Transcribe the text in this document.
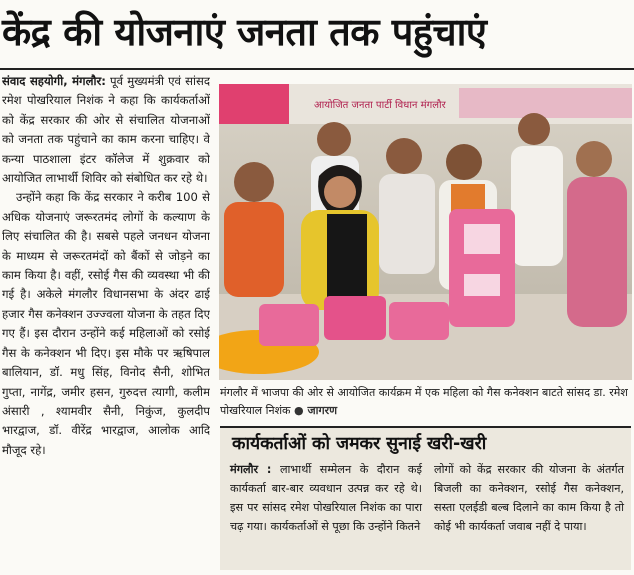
केंद्र की योजनाएं जनता तक पहुंचाएं

संवाद सहयोगी, मंगलौर: पूर्व मुख्यमंत्री एवं सांसद रमेश पोखरियाल निशंक ने कहा कि कार्यकर्ताओं को केंद्र सरकार की ओर से संचालित योजनाओं को जनता तक पहुंचाने का काम करना चाहिए। वे कन्या पाठशाला इंटर कॉलेज में शुक्रवार को आयोजित लाभार्थी शिविर को संबोधित कर रहे थे।

उन्होंने कहा कि केंद्र सरकार ने करीब 100 से अधिक योजनाएं जरूरतमंद लोगों के कल्याण के लिए संचालित की है। सबसे पहले जनधन योजना के माध्यम से जरूरतमंदों को बैंकों से जोड़ने का काम किया है। वहीं, रसोई गैस की व्यवस्था भी की गई है। अकेले मंगलौर विधानसभा के अंदर ढाई हजार गैस कनेक्शन उज्ज्वला योजना के तहत दिए गए हैं। इस दौरान उन्होंने कई महिलाओं को रसोई गैस के कनेक्शन भी दिए। इस मौके पर ऋषिपाल बालियान, डॉ. मधु सिंह, विनोद सैनी, शोभित गुप्ता, नागेंद्र, जमीर हसन, गुरुदत्त त्यागी, कलीम अंसारी , श्यामवीर सैनी, निकुंज, कुलदीप भारद्वाज, डॉ. वीरेंद्र भारद्वाज, आलोक आदि मौजूद रहे।

आयोजित जनता पार्टी विधान मंगलौर
मंगलौर में भाजपा की ओर से आयोजित कार्यक्रम में एक महिला को गैस कनेक्शन बाटते सांसद डा. रमेश पोखरियाल निशंक ● जागरण
कार्यकर्ताओं को जमकर सुनाई खरी-खरी
मंगलौर : लाभार्थी सम्मेलन के दौरान कई कार्यकर्ता बार-बार व्यवधान उत्पन्न कर रहे थे। इस पर सांसद रमेश पोखरियाल निशंक का पारा चढ़ गया। कार्यकर्ताओं से पूछा कि उन्होंने कितने
लोगों को केंद्र सरकार की योजना के अंतर्गत बिजली का कनेक्शन, रसोई गैस कनेक्शन, सस्ता एलईडी बल्ब दिलाने का काम किया है तो कोई भी कार्यकर्ता जवाब नहीं दे पाया।
